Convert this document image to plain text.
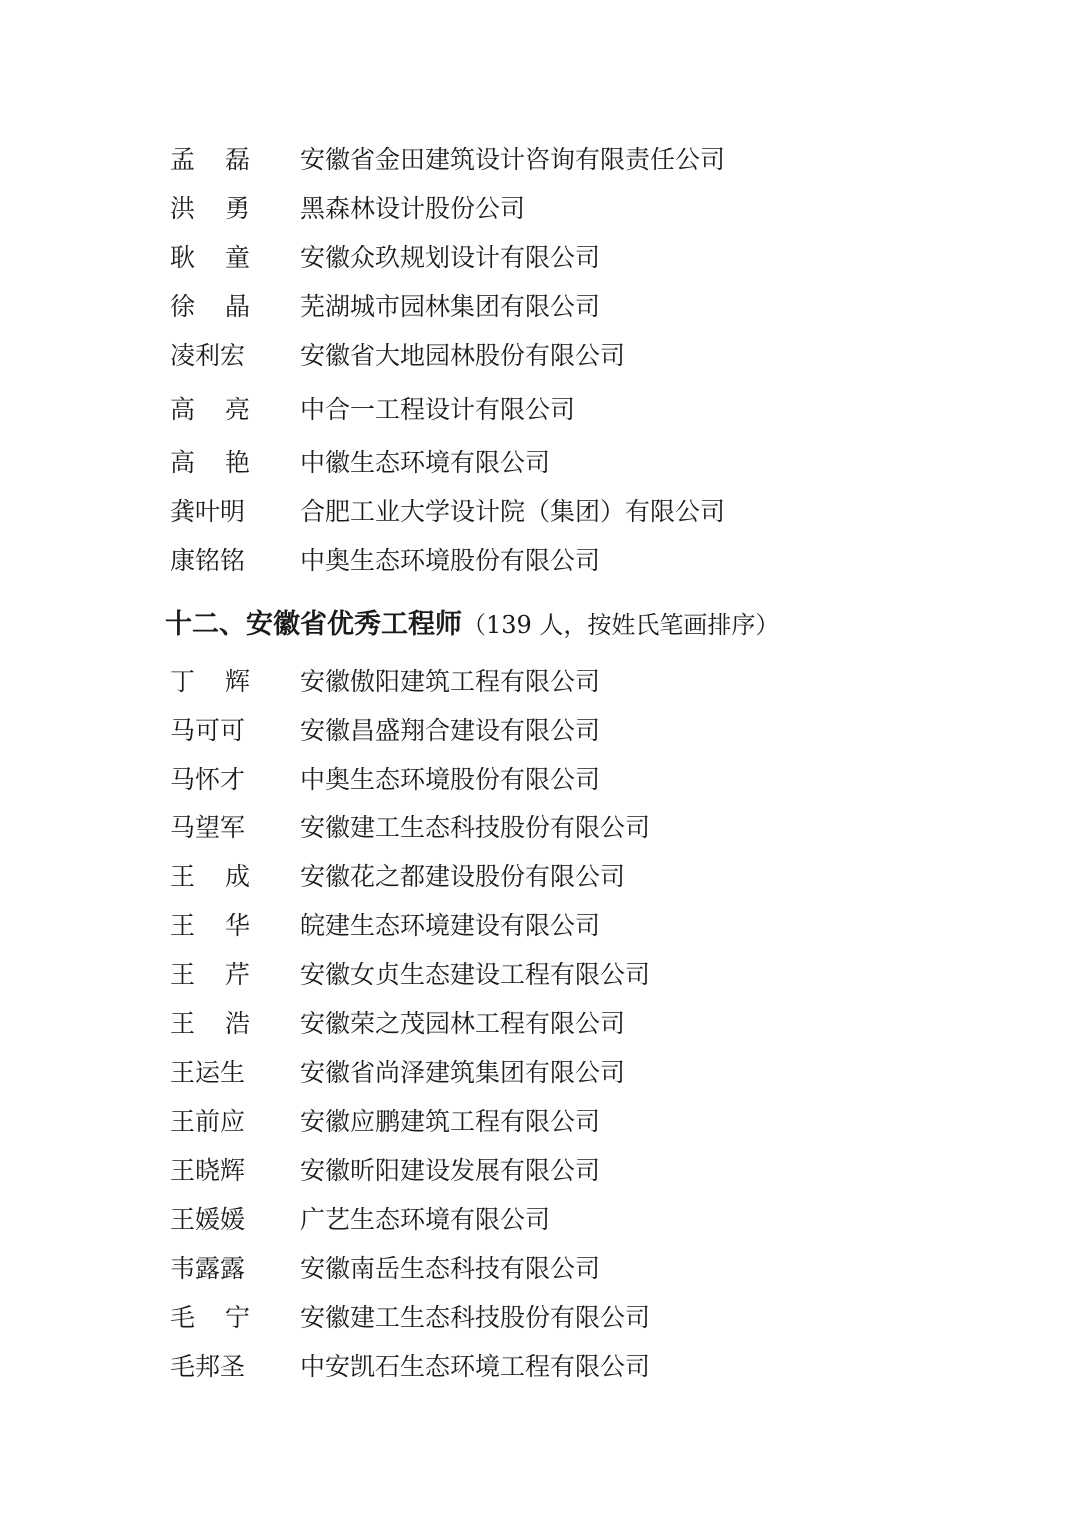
孟 磊 安徽省金田建筑设计咨询有限责任公司
洪 勇 黑森林设计股份公司
耿 童 安徽众玖规划设计有限公司
徐 晶 芜湖城市园林集团有限公司
凌利宏 安徽省大地园林股份有限公司
高 亮 中合一工程设计有限公司
高 艳 中徽生态环境有限公司
龚叶明 合肥工业大学设计院（集团）有限公司
康铭铭 中奥生态环境股份有限公司
十二、安徽省优秀工程师（139 人，按姓氏笔画排序）
丁 辉 安徽傲阳建筑工程有限公司
马可可 安徽昌盛翔合建设有限公司
马怀才 中奥生态环境股份有限公司
马望军 安徽建工生态科技股份有限公司
王 成 安徽花之都建设股份有限公司
王 华 皖建生态环境建设有限公司
王 芹 安徽女贞生态建设工程有限公司
王 浩 安徽荣之茂园林工程有限公司
王运生 安徽省尚泽建筑集团有限公司
王前应 安徽应鹏建筑工程有限公司
王晓辉 安徽昕阳建设发展有限公司
王媛媛 广艺生态环境有限公司
韦露露 安徽南岳生态科技有限公司
毛 宁 安徽建工生态科技股份有限公司
毛邦圣 中安凯石生态环境工程有限公司
